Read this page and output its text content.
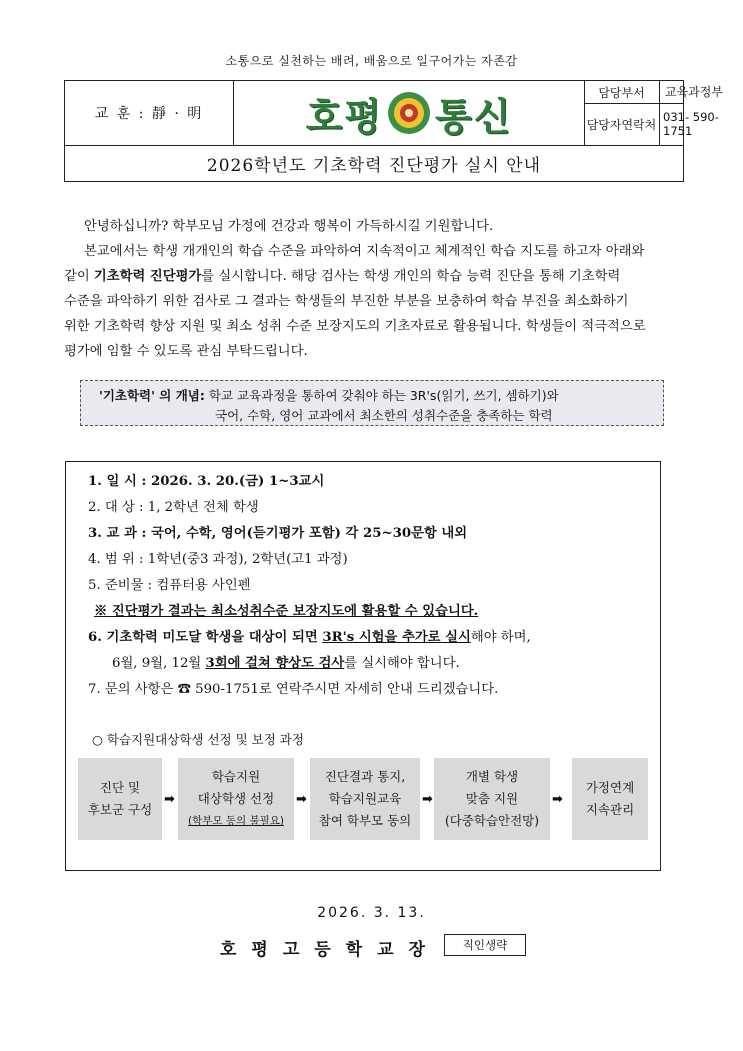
소통으로 실천하는 배려, 배움으로 일구어가는 자존감
교 훈 : 靜 · 明	호평 통신
담당부서
담당자연락처
2026학년도 기초학력 진단평가 실시 안내
안녕하십니까? 학부모님 가정에 건강과 행복이 가득하시길 기원합니다.
본교에서는 학생 개개인의 학습 수준을 파악하여 지속적이고 체계적인 학습 지도를 하고자 아래와
같이 기초학력 진단평가를 실시합니다. 해당 검사는 학생 개인의 학습 능력 진단을 통해 기초학력
수준을 파악하기 위한 검사로 그 결과는 학생들의 부진한 부분을 보충하여 학습 부진을 최소화하기
위한 기초학력 향상 지원 및 최소 성취 수준 보장지도의 기초자료로 활용됩니다. 학생들이 적극적으로
평가에 임할 수 있도록 관심 부탁드립니다.
'기초학력' 의 개념: 학교 교육과정을 통하여 갖춰야 하는 3R's(읽기, 쓰기, 셈하기)와
국어, 수학, 영어 교과에서 최소한의 성취수준을 충족하는 학력
1. 일 시 : 2026. 3. 20.(금) 1~3교시
2. 대 상 : 1, 2학년 전체 학생
3. 교 과 : 국어, 수학, 영어(듣기평가 포함) 각 25~30문항 내외
4. 범 위 : 1학년(중3 과정), 2학년(고1 과정)
5. 준비물 : 컴퓨터용 사인펜
※ 진단평가 결과는 최소성취수준 보장지도에 활용할 수 있습니다.
6. 기초학력 미도달 학생을 대상이 되면 3R's 시험을 추가로 실시해야 하며,
6월, 9월, 12월 3회에 걸쳐 향상도 검사를 실시해야 합니다.
7. 문의 사항은 ☎ 590-1751로 연락주시면 자세히 안내 드리겠습니다.
○ 학습지원대상학생 선정 및 보정 과정
진단 및
후보군 구성
➡
학습지원
대상학생 선정
(학부모 동의 불필요)
➡
진단결과 통지,
학습지원교육
참여 학부모 동의
➡
개별 학생
맞춤 지원
(다중학습안전망)
➡
가정연계
지속관리
2026. 3. 13.
호평고등학교장	직인생략
교육과정부
031- 590-1751
